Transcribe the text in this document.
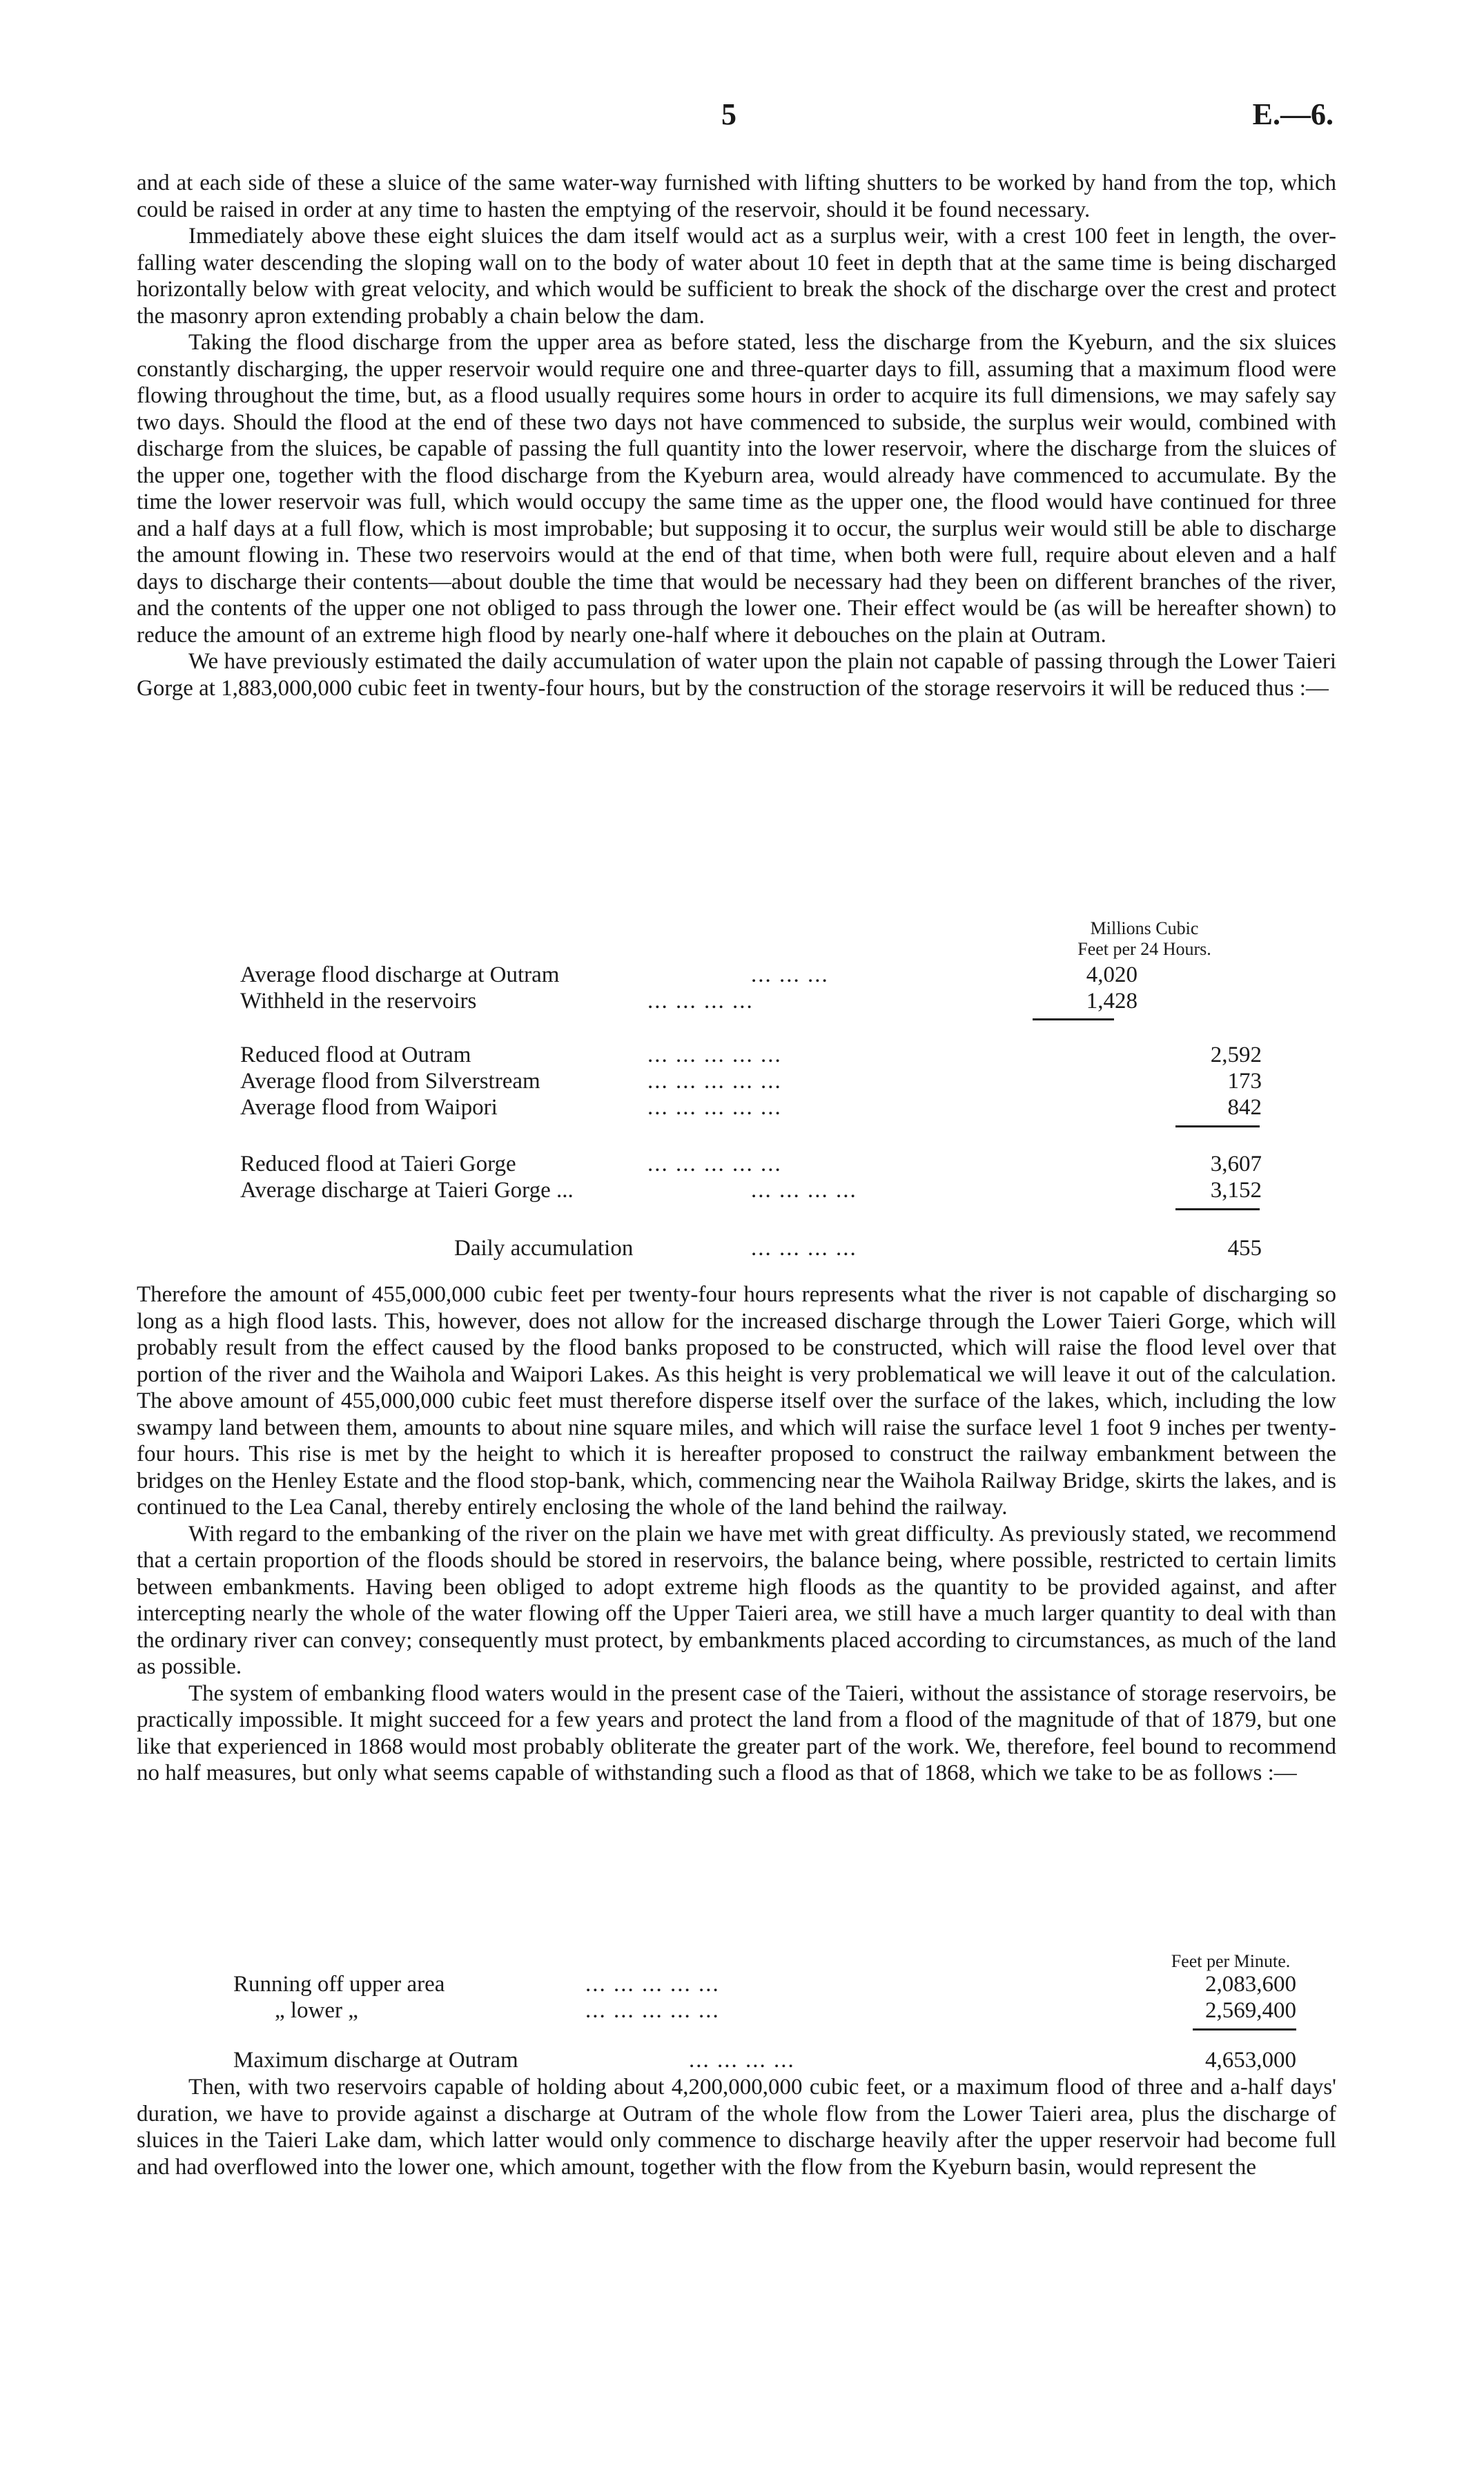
5	E.—6.

and at each side of these a sluice of the same water-way furnished with lifting shutters to be worked by hand from the top, which could be raised in order at any time to hasten the emptying of the reservoir, should it be found necessary.

Immediately above these eight sluices the dam itself would act as a surplus weir, with a crest 100 feet in length, the over-falling water descending the sloping wall on to the body of water about 10 feet in depth that at the same time is being discharged horizontally below with great velocity, and which would be sufficient to break the shock of the discharge over the crest and protect the masonry apron extending probably a chain below the dam.

Taking the flood discharge from the upper area as before stated, less the discharge from the Kyeburn, and the six sluices constantly discharging, the upper reservoir would require one and three-quarter days to fill, assuming that a maximum flood were flowing throughout the time, but, as a flood usually requires some hours in order to acquire its full dimensions, we may safely say two days. Should the flood at the end of these two days not have commenced to subside, the surplus weir would, combined with discharge from the sluices, be capable of passing the full quantity into the lower reservoir, where the discharge from the sluices of the upper one, together with the flood discharge from the Kyeburn area, would already have commenced to accumulate. By the time the lower reservoir was full, which would occupy the same time as the upper one, the flood would have continued for three and a half days at a full flow, which is most improbable; but supposing it to occur, the surplus weir would still be able to discharge the amount flowing in. These two reservoirs would at the end of that time, when both were full, require about eleven and a half days to discharge their contents—about double the time that would be necessary had they been on different branches of the river, and the contents of the upper one not obliged to pass through the lower one. Their effect would be (as will be hereafter shown) to reduce the amount of an extreme high flood by nearly one-half where it debouches on the plain at Outram.

We have previously estimated the daily accumulation of water upon the plain not capable of passing through the Lower Taieri Gorge at 1,883,000,000 cubic feet in twenty-four hours, but by the construction of the storage reservoirs it will be reduced thus :—

Millions Cubic
Feet per 24 Hours.
Average flood discharge at Outram	... ... ...	4,020
Withheld in the reservoirs	... ... ... ...	1,428
Reduced flood at Outram	... ... ... ... ...	2,592
Average flood from Silverstream	... ... ... ... ...	173
Average flood from Waipori	... ... ... ... ...	842
Reduced flood at Taieri Gorge	... ... ... ... ...	3,607
Average discharge at Taieri Gorge ...	... ... ... ...	3,152
Daily accumulation	... ... ... ...	455

Therefore the amount of 455,000,000 cubic feet per twenty-four hours represents what the river is not capable of discharging so long as a high flood lasts. This, however, does not allow for the increased discharge through the Lower Taieri Gorge, which will probably result from the effect caused by the flood banks proposed to be constructed, which will raise the flood level over that portion of the river and the Waihola and Waipori Lakes. As this height is very problematical we will leave it out of the calculation. The above amount of 455,000,000 cubic feet must therefore disperse itself over the surface of the lakes, which, including the low swampy land between them, amounts to about nine square miles, and which will raise the surface level 1 foot 9 inches per twenty-four hours. This rise is met by the height to which it is hereafter proposed to construct the railway embankment between the bridges on the Henley Estate and the flood stop-bank, which, commencing near the Waihola Railway Bridge, skirts the lakes, and is continued to the Lea Canal, thereby entirely enclosing the whole of the land behind the railway.

With regard to the embanking of the river on the plain we have met with great difficulty. As previously stated, we recommend that a certain proportion of the floods should be stored in reservoirs, the balance being, where possible, restricted to certain limits between embankments. Having been obliged to adopt extreme high floods as the quantity to be provided against, and after intercepting nearly the whole of the water flowing off the Upper Taieri area, we still have a much larger quantity to deal with than the ordinary river can convey; consequently must protect, by embankments placed according to circumstances, as much of the land as possible.

The system of embanking flood waters would in the present case of the Taieri, without the assistance of storage reservoirs, be practically impossible. It might succeed for a few years and protect the land from a flood of the magnitude of that of 1879, but one like that experienced in 1868 would most probably obliterate the greater part of the work. We, therefore, feel bound to recommend no half measures, but only what seems capable of withstanding such a flood as that of 1868, which we take to be as follows :—

Feet per Minute.
Running off upper area	... ... ... ... ...	2,083,600
„ lower „	... ... ... ... ...	2,569,400
Maximum discharge at Outram	... ... ... ...	4,653,000

Then, with two reservoirs capable of holding about 4,200,000,000 cubic feet, or a maximum flood of three and a-half days' duration, we have to provide against a discharge at Outram of the whole flow from the Lower Taieri area, plus the discharge of sluices in the Taieri Lake dam, which latter would only commence to discharge heavily after the upper reservoir had become full and had overflowed into the lower one, which amount, together with the flow from the Kyeburn basin, would represent the
